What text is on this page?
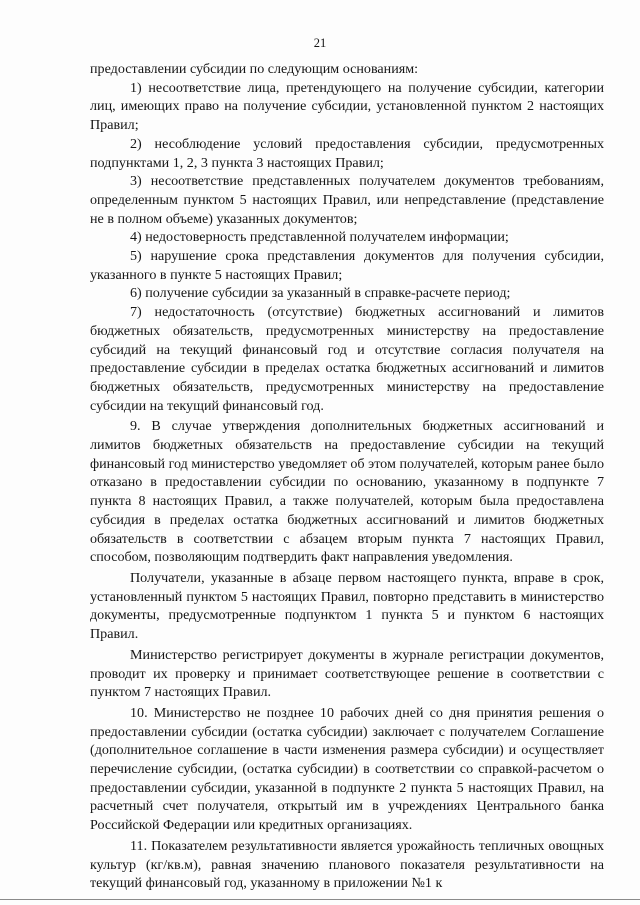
21

предоставлении субсидии по следующим основаниям:

1) несоответствие лица, претендующего на получение субсидии, категории лиц, имеющих право на получение субсидии, установленной пунктом 2 настоящих Правил;

2) несоблюдение условий предоставления субсидии, предусмотренных подпунктами 1, 2, 3 пункта 3 настоящих Правил;

3) несоответствие представленных получателем документов требованиям, определенным пунктом 5 настоящих Правил, или непредставление (представление не в полном объеме) указанных документов;

4) недостоверность представленной получателем информации;

5) нарушение срока представления документов для получения субсидии, указанного в пункте 5 настоящих Правил;

6) получение субсидии за указанный в справке-расчете период;

7) недостаточность (отсутствие) бюджетных ассигнований и лимитов бюджетных обязательств, предусмотренных министерству на предоставление субсидий на текущий финансовый год и отсутствие согласия получателя на предоставление субсидии в пределах остатка бюджетных ассигнований и лимитов бюджетных обязательств, предусмотренных министерству на предоставление субсидии на текущий финансовый год.

9. В случае утверждения дополнительных бюджетных ассигнований и лимитов бюджетных обязательств на предоставление субсидии на текущий финансовый год министерство уведомляет об этом получателей, которым ранее было отказано в предоставлении субсидии по основанию, указанному в подпункте 7 пункта 8 настоящих Правил, а также получателей, которым была предоставлена субсидия в пределах остатка бюджетных ассигнований и лимитов бюджетных обязательств в соответствии с абзацем вторым пункта 7 настоящих Правил, способом, позволяющим подтвердить факт направления уведомления.

Получатели, указанные в абзаце первом настоящего пункта, вправе в срок, установленный пунктом 5 настоящих Правил, повторно представить в министерство документы, предусмотренные подпунктом 1 пункта 5 и пунктом 6 настоящих Правил.

Министерство регистрирует документы в журнале регистрации документов, проводит их проверку и принимает соответствующее решение в соответствии с пунктом 7 настоящих Правил.

10. Министерство не позднее 10 рабочих дней со дня принятия решения о предоставлении субсидии (остатка субсидии) заключает с получателем Соглашение (дополнительное соглашение в части изменения размера субсидии) и осуществляет перечисление субсидии, (остатка субсидии) в соответствии со справкой-расчетом о предоставлении субсидии, указанной в подпункте 2 пункта 5 настоящих Правил, на расчетный счет получателя, открытый им в учреждениях Центрального банка Российской Федерации или кредитных организациях.

11. Показателем результативности является урожайность тепличных овощных культур (кг/кв.м), равная значению планового показателя результативности на текущий финансовый год, указанному в приложении №1 к
